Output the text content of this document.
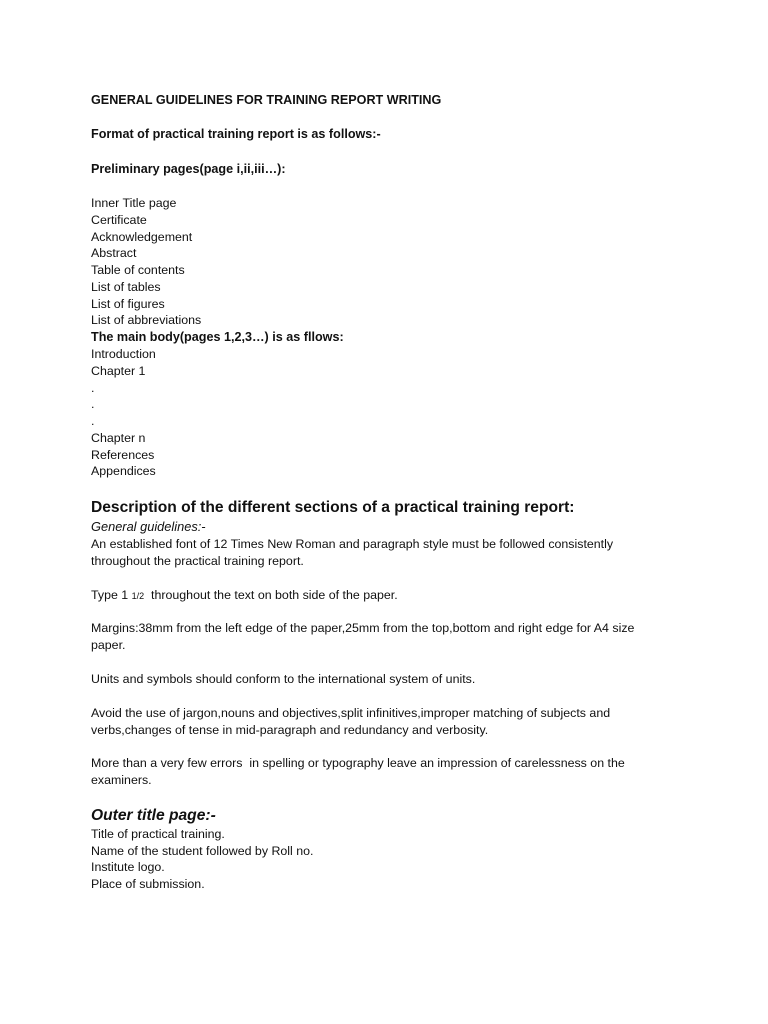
GENERAL GUIDELINES FOR TRAINING REPORT WRITING
Format of practical training report is as follows:-
Preliminary pages(page i,ii,iii…):
Inner Title page
Certificate
Acknowledgement
Abstract
Table of contents
List of tables
List of figures
List of abbreviations
The main body(pages 1,2,3…) is as fllows:
Introduction
Chapter 1
.
.
.
Chapter n
References
Appendices
Description of the different sections of a practical training report:
General guidelines:-

An established font of 12 Times New Roman and paragraph style must be followed consistently
throughout the practical training report.

Type 1 1/2  throughout the text on both side of the paper.

Margins:38mm from the left edge of the paper,25mm from the top,bottom and right edge for A4 size
paper.

Units and symbols should conform to the international system of units.

Avoid the use of jargon,nouns and objectives,split infinitives,improper matching of subjects and
verbs,changes of tense in mid-paragraph and redundancy and verbosity.

More than a very few errors  in spelling or typography leave an impression of carelessness on the
examiners.

Outer title page:-
Title of practical training.
Name of the student followed by Roll no.
Institute logo.
Place of submission.
